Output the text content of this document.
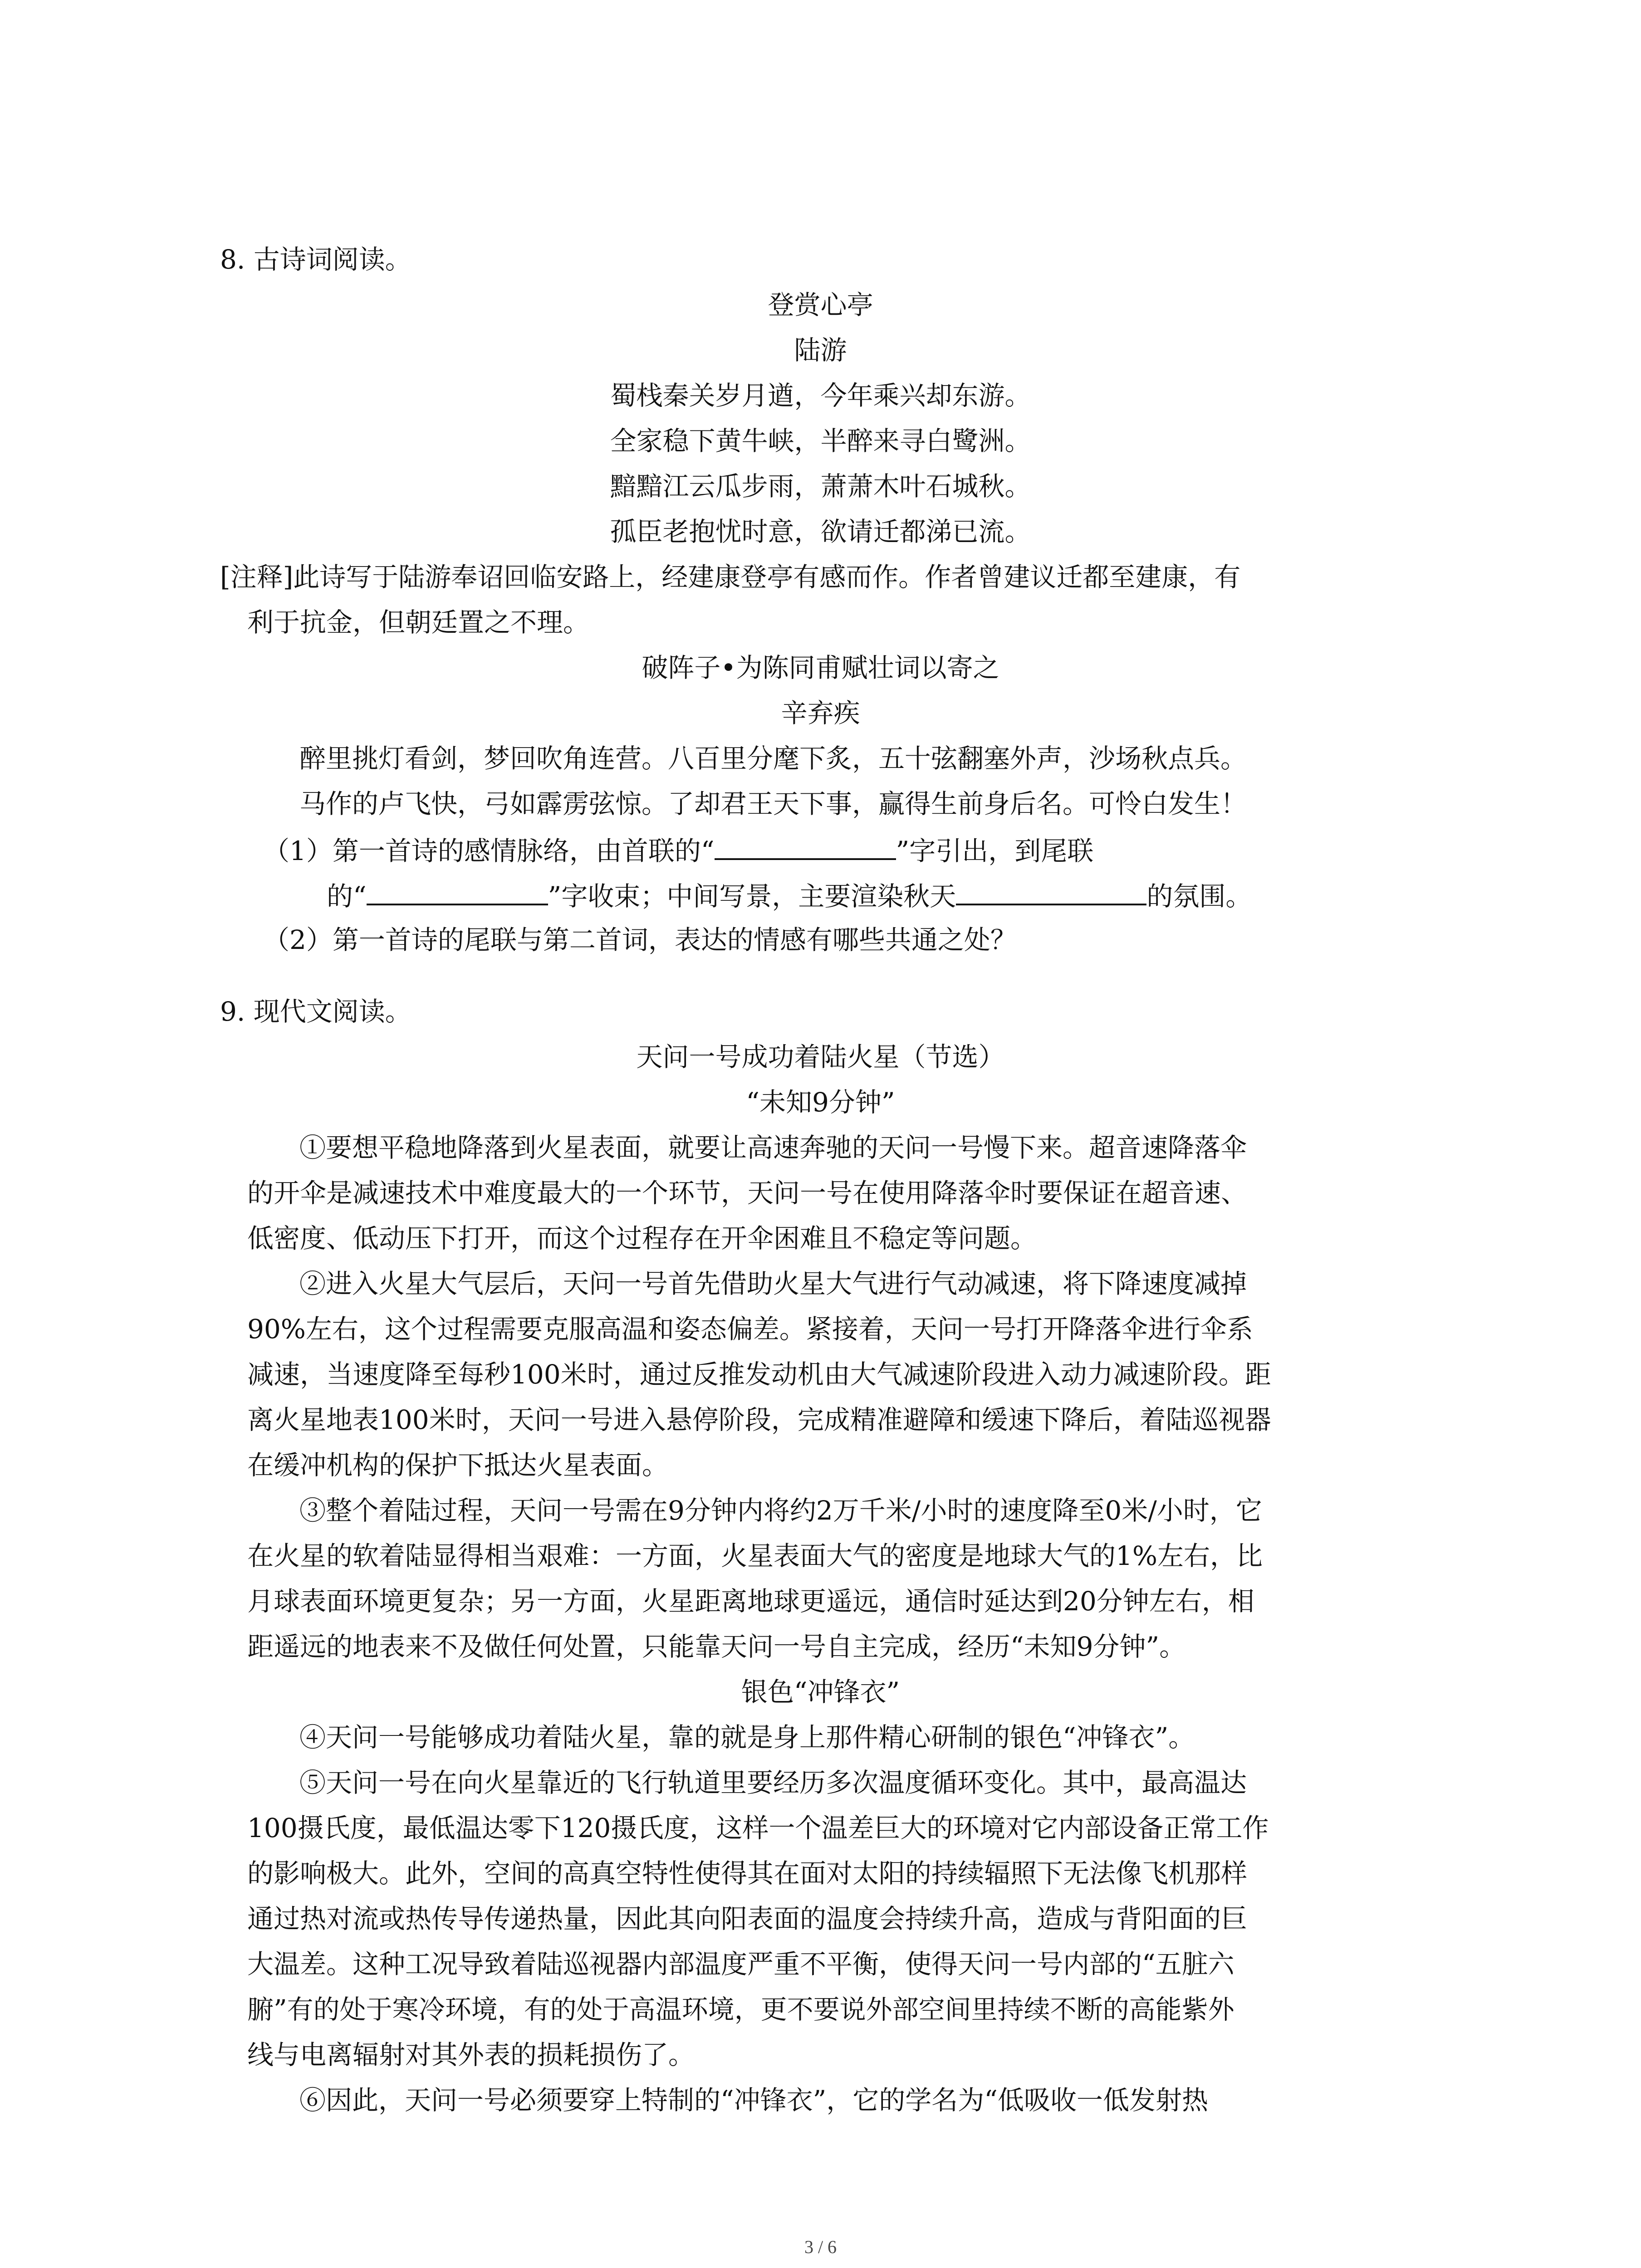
8. 古诗词阅读。
登赏心亭
陆游
蜀栈秦关岁月遒，今年乘兴却东游。
全家稳下黄牛峡，半醉来寻白鹭洲。
黯黯江云瓜步雨，萧萧木叶石城秋。
孤臣老抱忧时意，欲请迁都涕已流。
[注释]此诗写于陆游奉诏回临安路上，经建康登亭有感而作。作者曾建议迁都至建康，有
利于抗金，但朝廷置之不理。
破阵子•为陈同甫赋壮词以寄之
辛弃疾
醉里挑灯看剑，梦回吹角连营。八百里分麾下炙，五十弦翻塞外声，沙场秋点兵。
马作的卢飞快，弓如霹雳弦惊。了却君王天下事，赢得生前身后名。可怜白发生！
（1）第一首诗的感情脉络，由首联的“	”字引出，到尾联
的“	”字收束；中间写景，主要渲染秋天	的氛围。
（2）第一首诗的尾联与第二首词，表达的情感有哪些共通之处？
9. 现代文阅读。
天问一号成功着陆火星（节选）
“未知9分钟”
①要想平稳地降落到火星表面，就要让高速奔驰的天问一号慢下来。超音速降落伞
的开伞是减速技术中难度最大的一个环节，天问一号在使用降落伞时要保证在超音速、
低密度、低动压下打开，而这个过程存在开伞困难且不稳定等问题。
②进入火星大气层后，天问一号首先借助火星大气进行气动减速，将下降速度减掉
90%左右，这个过程需要克服高温和姿态偏差。紧接着，天问一号打开降落伞进行伞系
减速，当速度降至每秒100米时，通过反推发动机由大气减速阶段进入动力减速阶段。距
离火星地表100米时，天问一号进入悬停阶段，完成精准避障和缓速下降后，着陆巡视器
在缓冲机构的保护下抵达火星表面。
③整个着陆过程，天问一号需在9分钟内将约2万千米/小时的速度降至0米/小时，它
在火星的软着陆显得相当艰难：一方面，火星表面大气的密度是地球大气的1%左右，比
月球表面环境更复杂；另一方面，火星距离地球更遥远，通信时延达到20分钟左右，相
距遥远的地表来不及做任何处置，只能靠天问一号自主完成，经历“未知9分钟”。
银色“冲锋衣”
④天问一号能够成功着陆火星，靠的就是身上那件精心研制的银色“冲锋衣”。
⑤天问一号在向火星靠近的飞行轨道里要经历多次温度循环变化。其中，最高温达
100摄氏度，最低温达零下120摄氏度，这样一个温差巨大的环境对它内部设备正常工作
的影响极大。此外，空间的高真空特性使得其在面对太阳的持续辐照下无法像飞机那样
通过热对流或热传导传递热量，因此其向阳表面的温度会持续升高，造成与背阳面的巨
大温差。这种工况导致着陆巡视器内部温度严重不平衡，使得天问一号内部的“五脏六
腑”有的处于寒冷环境，有的处于高温环境，更不要说外部空间里持续不断的高能紫外
线与电离辐射对其外表的损耗损伤了。
⑥因此，天问一号必须要穿上特制的“冲锋衣”，它的学名为“低吸收一低发射热
3 / 6
